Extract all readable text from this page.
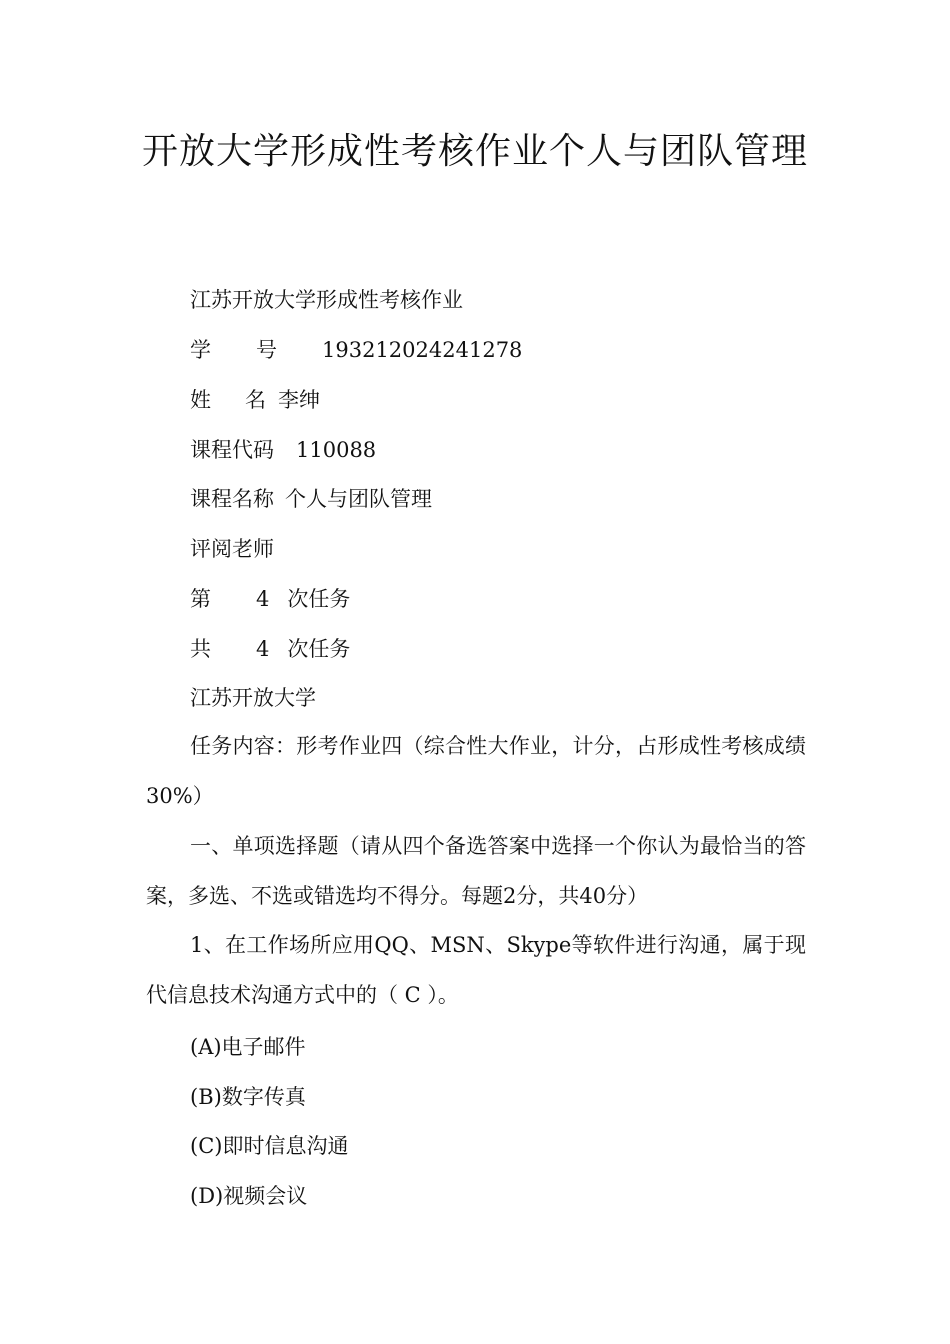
开放大学形成性考核作业个人与团队管理
江苏开放大学形成性考核作业
学 号 193212024241278
姓 名 李绅
课程代码 110088
课程名称 个人与团队管理
评阅老师
第 4 次任务
共 4 次任务
江苏开放大学

任务内容：形考作业四（综合性大作业，计分，占形成性考核成绩30%）

一、单项选择题（请从四个备选答案中选择一个你认为最恰当的答案，多选、不选或错选均不得分。每题2分，共40分）

1、在工作场所应用QQ、MSN、Skype等软件进行沟通，属于现代信息技术沟通方式中的（ C ）。

(A)电子邮件
(B)数字传真
(C)即时信息沟通
(D)视频会议
